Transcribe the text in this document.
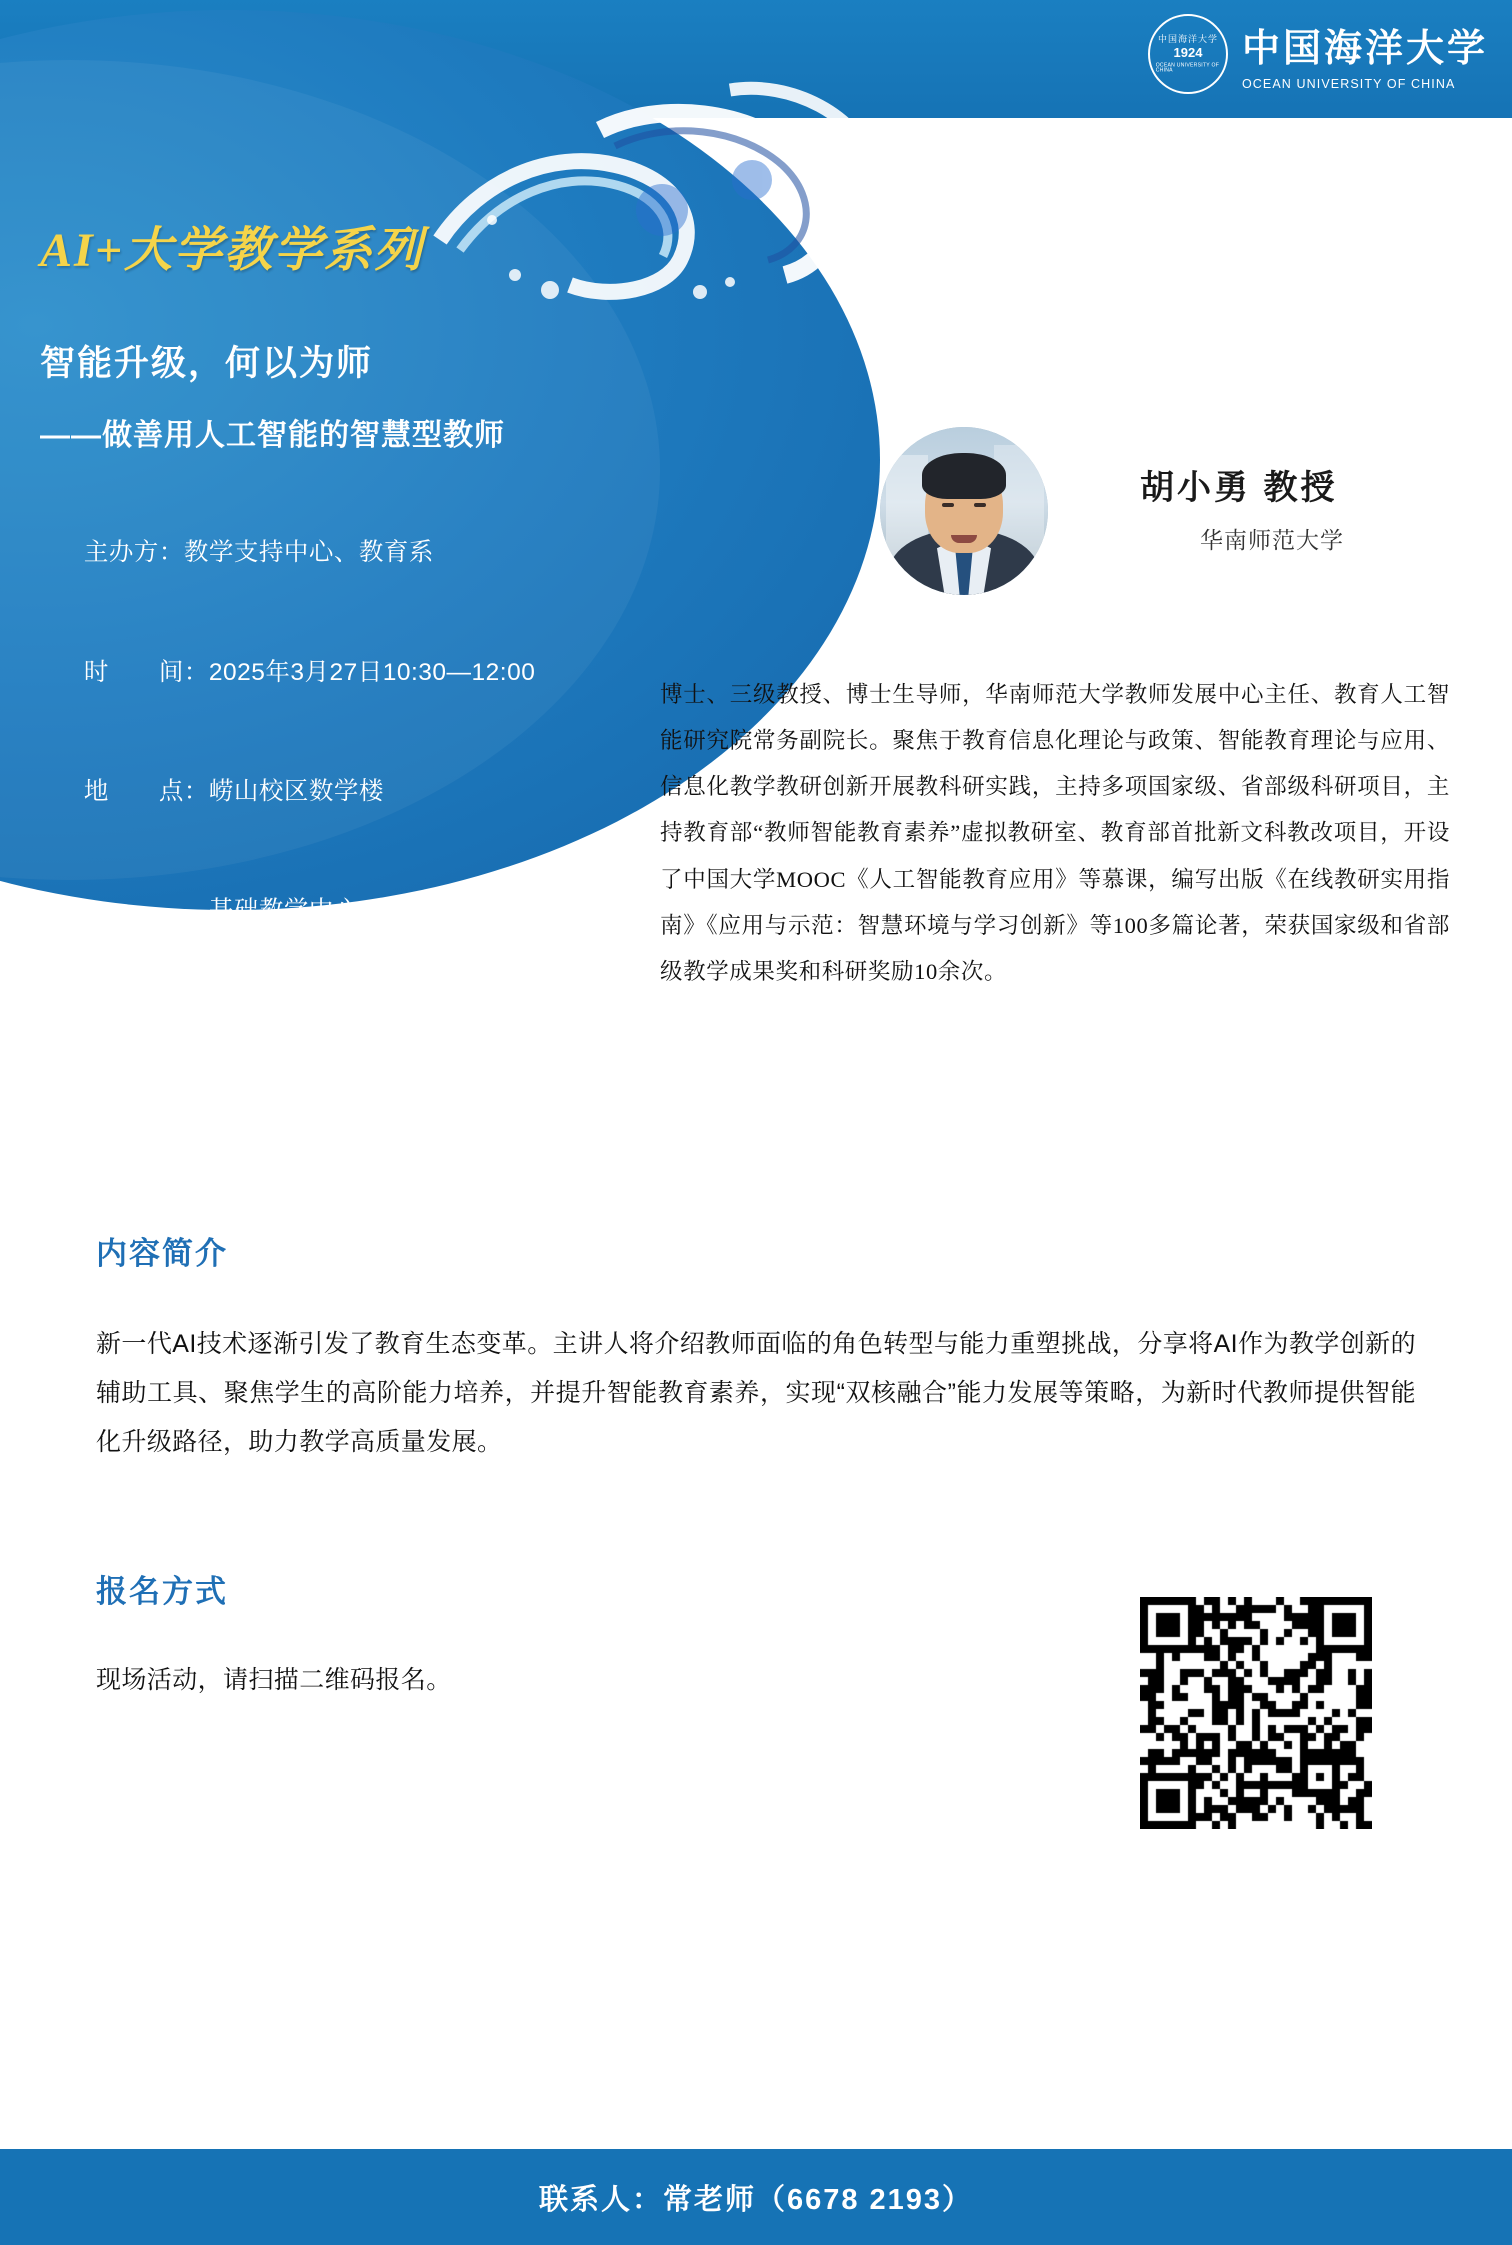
中国海洋大学
1924
OCEAN UNIVERSITY OF CHINA
中国海洋大学
OCEAN UNIVERSITY OF CHINA
AI+大学教学系列
智能升级，何以为师
——做善用人工智能的智慧型教师

主办方：教学支持中心、教育系

时　　间：2025年3月27日10:30—12:00

地　　点：崂山校区数学楼

基础教学中心115

胡小勇 教授
华南师范大学
博士、三级教授、博士生导师，华南师范大学教师发展中心主任、教育人工智能研究院常务副院长。聚焦于教育信息化理论与政策、智能教育理论与应用、信息化教学教研创新开展教科研实践，主持多项国家级、省部级科研项目，主持教育部“教师智能教育素养”虚拟教研室、教育部首批新文科教改项目，开设了中国大学MOOC《人工智能教育应用》等慕课，编写出版《在线教研实用指南》《应用与示范：智慧环境与学习创新》等100多篇论著，荣获国家级和省部级教学成果奖和科研奖励10余次。
内容简介
新一代AI技术逐渐引发了教育生态变革。主讲人将介绍教师面临的角色转型与能力重塑挑战，分享将AI作为教学创新的辅助工具、聚焦学生的高阶能力培养，并提升智能教育素养，实现“双核融合”能力发展等策略，为新时代教师提供智能化升级路径，助力教学高质量发展。
报名方式
现场活动，请扫描二维码报名。
联系人：常老师（6678 2193）
